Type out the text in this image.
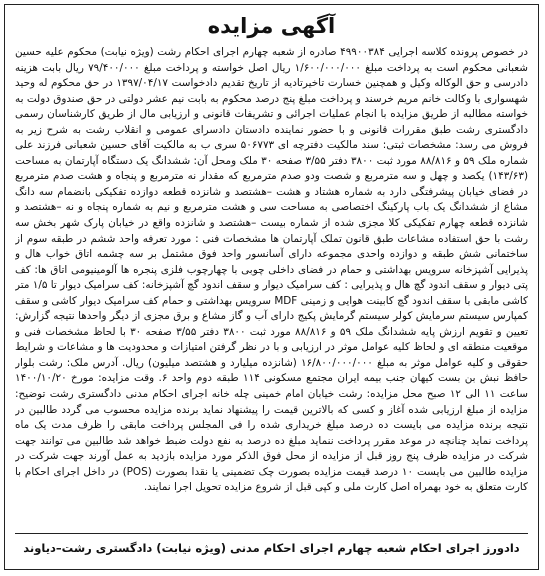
آگهی مزایده

در خصوص پرونده کلاسه اجرایی ۴۹۹۰۰۳۸۴ صادره از شعبه چهارم اجرای احکام رشت (ویژه نیابت) محکوم علیه حسین شعبانی محکوم است به پرداخت مبلغ ۱/۶۰۰/۰۰۰/۰۰۰ ریال اصل خواسته و پرداخت مبلغ ۷۹/۴۰۰/۰۰۰ ریال بابت هزینه دادرسی و حق الوکاله وکیل و همچنین خسارت تاخیرتادیه از تاریخ تقدیم دادخواست ۱۳۹۷/۰۴/۱۷ در حق محکوم له وحید شهسواری با وکالت خانم مریم خرسند و پرداخت مبلغ پنج درصد محکوم به بابت نیم عشر دولتی در حق صندوق دولت به خواسته مطالبه از طریق مزایده با انجام عملیات اجرائی و تشریفات قانونی و ارزیابی مال از طریق کارشناسان رسمی دادگستری رشت طبق مقررات قانونی و با حضور نماینده دادستان دادسرای عمومی و انقلاب رشت به شرح زیر به فروش می رسد: مشخصات ثبتی: سند مالکیت دفترچه ای ۵۰۶۷۷۳ سری ب به مالکیت آقای حسین شعبانی فرزند علی شماره ملک ۵۹ و ۸۸/۸۱۶ مورد ثبت ۳۸۰۰ دفتر ۳/۵۵ صفحه ۳۰ ملک ومحل آن: ششدانگ یک دستگاه آپارتمان به مساحت (۱۴۳/۶۳) یکصد و چهل و سه مترمربع و شصت ودو صدم مترمربع که مقدار نه مترمربع و پنجاه و هشت صدم مترمربع در فضای خیابان پیشرفتگی دارد به شماره هشتاد و هشت –هشتصد و شانزده قطعه دوازده تفکیکی بانضمام سه دانگ مشاع از ششدانگ یک باب پارکینگ اختصاصی به مساحت سی و هشت مترمربع و نیم به شماره پنجاه و نه –هشتصد و شانزده قطعه چهارم تفکیکی کلا مجزی شده از شماره بیست –هشتصد و شانزده واقع در خیابان پارک شهر بخش سه رشت با حق استفاده مشاعات طبق قانون تملک آپارتمان ها مشخصات فنی : مورد تعرفه واحد ششم در طبقه سوم از ساختمانی شش طبقه و دوازده واحدی مجموعه دارای آسانسور واحد فوق مشتمل بر سه چشمه اتاق خواب هال و پذیرایی آشپزخانه سرویس بهداشتی و حمام در فضای داخلی چوبی با چهارچوب فلزی پنجره ها آلومینیومی اتاق ها: کف پتی دیوار و سقف اندود گچ هال و پذیرایی : کف سرامیک دیوار و سقف اندود گچ آشپزخانه: کف سرامیک دیوار تا ۱/۵ متر کاشی مابقی با سقف اندود گچ کابینت هوایی و زمینی MDF سرویس بهداشتی و حمام کف سرامیک دیوار کاشی و سقف کمپارس سیستم سرمایش کولر سیستم گرمایش پکیج دارای آب و گاز مشاع و برق مجزی از دیگر واحدها نتیجه گزارش: تعیین و تقویم ارزش پایه ششدانگ ملک ۵۹ و ۸۸/۸۱۶ مورد ثبت ۳۸۰۰ دفتر ۳/۵۵ صفحه ۳۰ با لحاظ مشخصات فنی و موقعیت منطقه ای و لحاظ کلیه عوامل موثر در ارزیابی و با در نظر گرفتن امتیازات و محدودیت ها و مشاعات و شرایط حقوقی و کلیه عوامل موثر به مبلغ ۱۶/۸۰۰/۰۰۰/۰۰۰ (شانزده میلیارد و هشتصد میلیون) ریال. آدرس ملک: رشت بلوار حافظ نبش بن بست کیهان جنب بیمه ایران مجتمع مسکونی ۱۱۴ طبقه دوم واحد ۶. وقت مزایده: مورخ ۱۴۰۰/۱۰/۲۰ ساعت ۱۱ الی ۱۲ صبح محل مزایده: رشت خیابان امام خمینی چله خانه اجرای احکام مدنی دادگستری رشت توضیح: مزایده از مبلغ ارزیابی شده آغاز و کسی که بالاترین قیمت را پیشنهاد نماید برنده مزایده محسوب می گردد طالبین در نتیجه برنده مزایده می بایست ده درصد مبلغ خریداری شده را فی المجلس پرداخت مابقی را ظرف مدت یک ماه پرداخت نماید چنانچه در موعد مقرر پرداخت ننماید مبلغ ده درصد به نفع دولت ضبط خواهد شد طالبین می توانند جهت شرکت در مزایده ظرف پنج روز قبل از مزایده از محل فوق الذکر مورد مزایده بازدید به عمل آورند جهت شرکت در مزایده طالبین می بایست ۱۰ درصد قیمت مزایده بصورت چک تضمینی یا نقدا بصورت (POS) در داخل اجرای احکام با کارت متعلق به خود بهمراه اصل کارت ملی و کپی قبل از شروع مزایده تحویل اجرا نمایند.

دادورز اجرای احکام شعبه چهارم اجرای احکام مدنی (ویژه نیابت) دادگستری رشت–دیاوند
